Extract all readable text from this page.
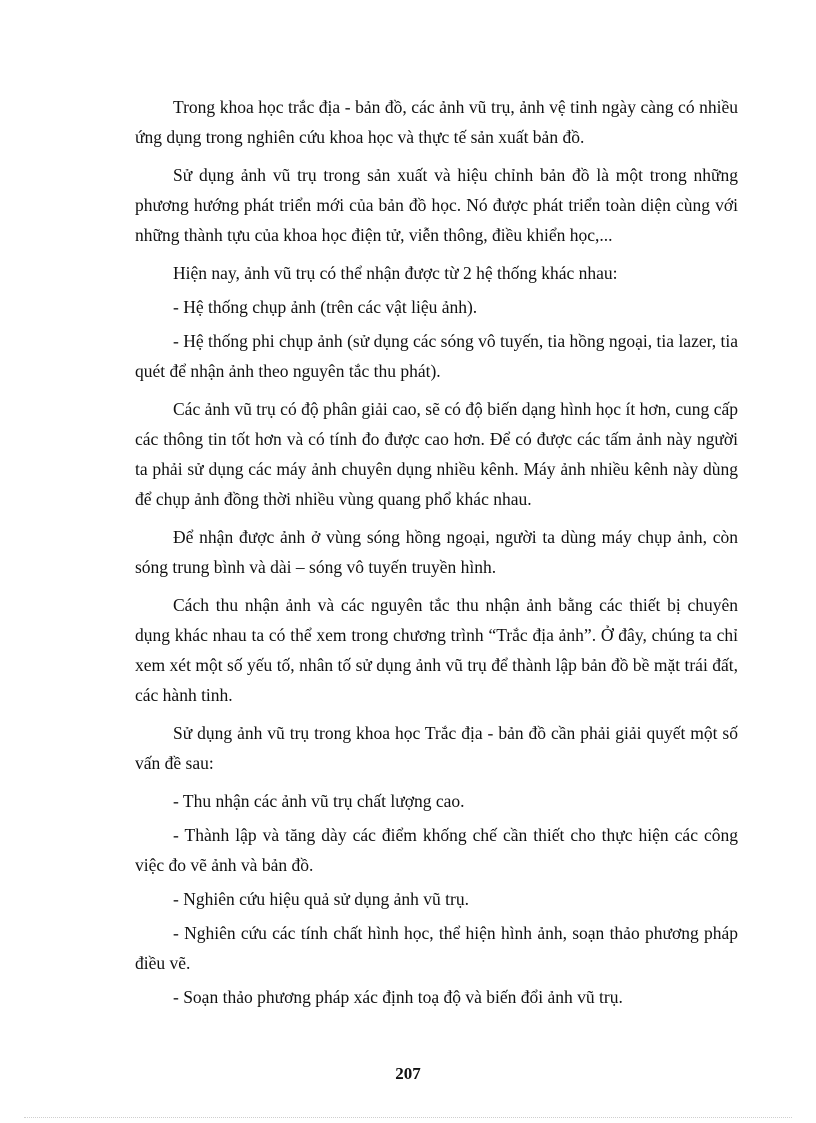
Trong khoa học trắc địa - bản đồ, các ảnh vũ trụ, ảnh vệ tinh ngày càng có nhiều ứng dụng trong nghiên cứu khoa học và thực tế sản xuất bản đồ.

Sử dụng ảnh vũ trụ trong sản xuất và hiệu chỉnh bản đồ là một trong những phương hướng phát triển mới của bản đồ học. Nó được phát triển toàn diện cùng với những thành tựu của khoa học điện tử, viễn thông, điều khiển học,...

Hiện nay, ảnh vũ trụ có thể nhận được từ 2 hệ thống khác nhau:

- Hệ thống chụp ảnh (trên các vật liệu ảnh).

- Hệ thống phi chụp ảnh (sử dụng các sóng vô tuyến, tia hồng ngoại, tia lazer, tia quét để nhận ảnh theo nguyên tắc thu phát).

Các ảnh vũ trụ có độ phân giải cao, sẽ có độ biến dạng hình học ít hơn, cung cấp các thông tin tốt hơn và có tính đo được cao hơn. Để có được các tấm ảnh này người ta phải sử dụng các máy ảnh chuyên dụng nhiều kênh. Máy ảnh nhiều kênh này dùng để chụp ảnh đồng thời nhiều vùng quang phổ khác nhau.

Để nhận được ảnh ở vùng sóng hồng ngoại, người ta dùng máy chụp ảnh, còn sóng trung bình và dài – sóng vô tuyến truyền hình.

Cách thu nhận ảnh và các nguyên tắc thu nhận ảnh bằng các thiết bị chuyên dụng khác nhau ta có thể xem trong chương trình “Trắc địa ảnh”. Ở đây, chúng ta chỉ xem xét một số yếu tố, nhân tố sử dụng ảnh vũ trụ để thành lập bản đồ bề mặt trái đất, các hành tinh.

Sử dụng ảnh vũ trụ trong khoa học Trắc địa - bản đồ cần phải giải quyết một số vấn đề sau:

- Thu nhận các ảnh vũ trụ chất lượng cao.

- Thành lập và tăng dày các điểm khống chế cần thiết cho thực hiện các công việc đo vẽ ảnh và bản đồ.

- Nghiên cứu hiệu quả sử dụng ảnh vũ trụ.

- Nghiên cứu các tính chất hình học, thể hiện hình ảnh, soạn thảo phương pháp điều vẽ.

- Soạn thảo phương pháp xác định toạ độ và biến đổi ảnh vũ trụ.

207
